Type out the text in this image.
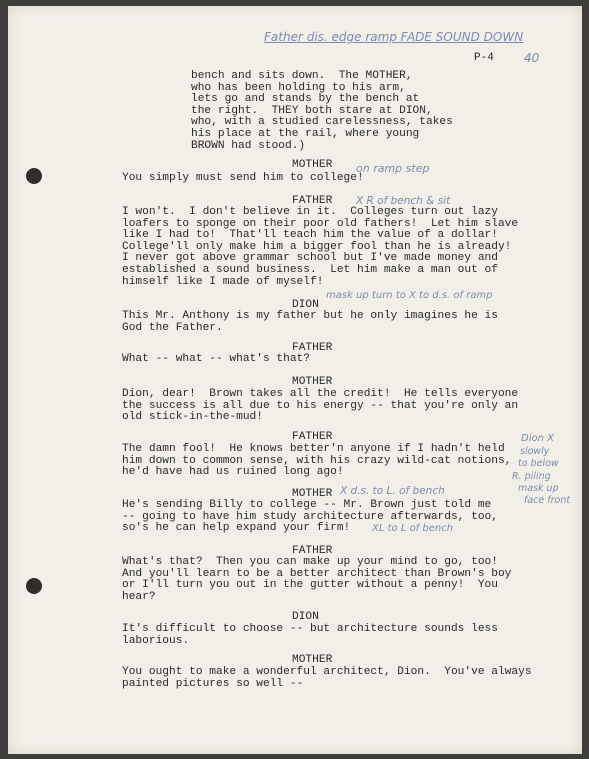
Father dis. edge ramp FADE SOUND DOWN
P-4	40
bench and sits down.  The MOTHER,
who has been holding to his arm,
lets go and stands by the bench at
the right.  THEY both stare at DION,
who, with a studied carelessness, takes
his place at the rail, where young
BROWN had stood.)
MOTHER on ramp step
You simply must send him to college!
FATHER X R of bench & sit
I won't.  I don't believe in it.  Colleges turn out lazy
loafers to sponge on their poor old fathers!  Let him slave
like I had to!  That'll teach him the value of a dollar!
College'll only make him a bigger fool than he is already!
I never got above grammar school but I've made money and
established a sound business.  Let him make a man out of
himself like I made of myself!
DION
mask up turn to X to d.s. of ramp
This Mr. Anthony is my father but he only imagines he is
God the Father.
FATHER
What -- what -- what's that?
MOTHER
Dion, dear!  Brown takes all the credit!  He tells everyone
the success is all due to his energy -- that you're only an
old stick-in-the-mud!
FATHER
The damn fool!  He knows better'n anyone if I hadn't held
him down to common sense, with his crazy wild-cat notions,
he'd have had us ruined long ago!
Dion X
slowly
to below
R. piling
mask up
face front
MOTHER X d.s. to L. of bench
He's sending Billy to college -- Mr. Brown just told me
-- going to have him study architecture afterwards, too,
so's he can help expand your firm!	XL to L of bench
FATHER
What's that?  Then you can make up your mind to go, too!
And you'll learn to be a better architect than Brown's boy
or I'll turn you out in the gutter without a penny!  You
hear?
DION
It's difficult to choose -- but architecture sounds less
laborious.
MOTHER
You ought to make a wonderful architect, Dion.  You've always
painted pictures so well --
